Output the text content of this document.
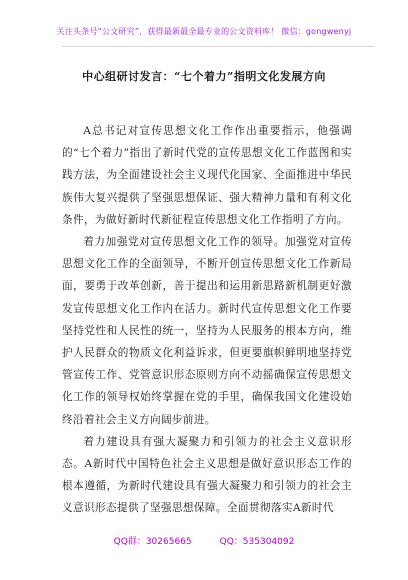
关注头条号“公文研究”，获得最新最全最专业的公文资料库！ 微信：gongwenyj
中心组研讨发言：“七个着力”指明文化发展方向

A总书记对宣传思想文化工作作出重要指示，他强调的“七个着力”指出了新时代党的宣传思想文化工作蓝图和实践方法，为全面建设社会主义现代化国家、全面推进中华民族伟大复兴提供了坚强思想保证、强大精神力量和有利文化条件，为做好新时代新征程宣传思想文化工作指明了方向。

着力加强党对宣传思想文化工作的领导。加强党对宣传思想文化工作的全面领导，不断开创宣传思想文化工作新局面，要勇于改革创新，善于提出和运用新思路新机制更好激发宣传思想文化工作内在活力。新时代宣传思想文化工作要坚持党性和人民性的统一，坚持为人民服务的根本方向，维护人民群众的物质文化利益诉求，但更要旗帜鲜明地坚持党管宣传工作、党管意识形态原则方向不动摇确保宣传思想文化工作的领导权始终掌握在党的手里，确保我国文化建设始终沿着社会主义方向阔步前进。

着力建设具有强大凝聚力和引领力的社会主义意识形态。A新时代中国特色社会主义思想是做好意识形态工作的根本遵循，为新时代建设具有强大凝聚力和引领力的社会主义意识形态提供了坚强思想保障。全面贯彻落实A新时代

QQ群：30265665	QQ：535304092
